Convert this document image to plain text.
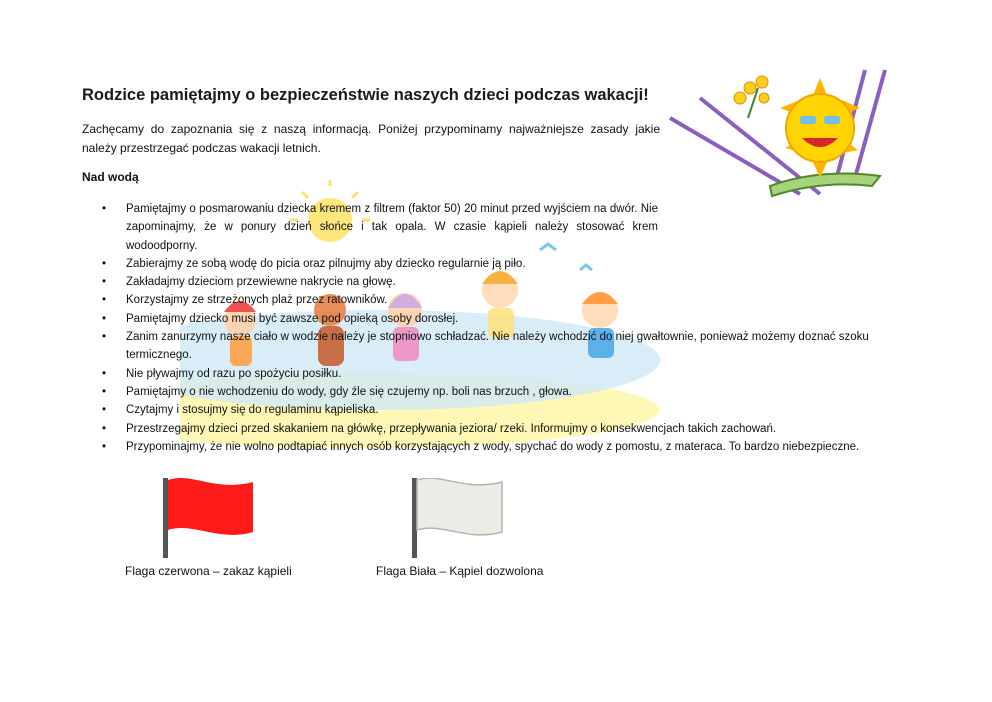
Rodzice pamiętajmy o bezpieczeństwie naszych dzieci podczas wakacji!

Zachęcamy do zapoznania się z naszą informacją. Poniżej przypominamy najważniejsze zasady jakie należy przestrzegać podczas wakacji letnich.

Nad wodą

• Pamiętajmy o posmarowaniu dziecka kremem z filtrem (faktor 50) 20 minut przed wyjściem na dwór. Nie zapominajmy, że w ponury dzień słońce i tak opala. W czasie kąpieli należy stosować krem wodoodporny.
• Zabierajmy ze sobą wodę do picia oraz pilnujmy aby dziecko regularnie ją piło.
• Zakładajmy dzieciom przewiewne nakrycie na głowę.
• Korzystajmy ze strzeżonych plaż przez ratowników.
• Pamiętajmy dziecko musi być zawsze pod opieką osoby dorosłej.
• Zanim zanurzymy nasze ciało w wodzie należy je stopniowo schładzać. Nie należy wchodzić do niej gwałtownie, ponieważ możemy doznać szoku termicznego.
• Nie pływajmy od razu po spożyciu posiłku.
• Pamiętajmy o nie wchodzeniu do wody, gdy źle się czujemy np. boli nas brzuch , głowa.
• Czytajmy i stosujmy się do regulaminu kąpieliska.
• Przestrzegajmy dzieci przed skakaniem na główkę, przepływania jeziora/ rzeki. Informujmy o konsekwencjach takich zachowań.
• Przypominajmy, że nie wolno podtapiać innych osób korzystających z wody, spychać do wody z pomostu, z materaca. To bardzo niebezpieczne.

Flaga czerwona – zakaz kąpieli	Flaga Biała – Kąpiel dozwolona
